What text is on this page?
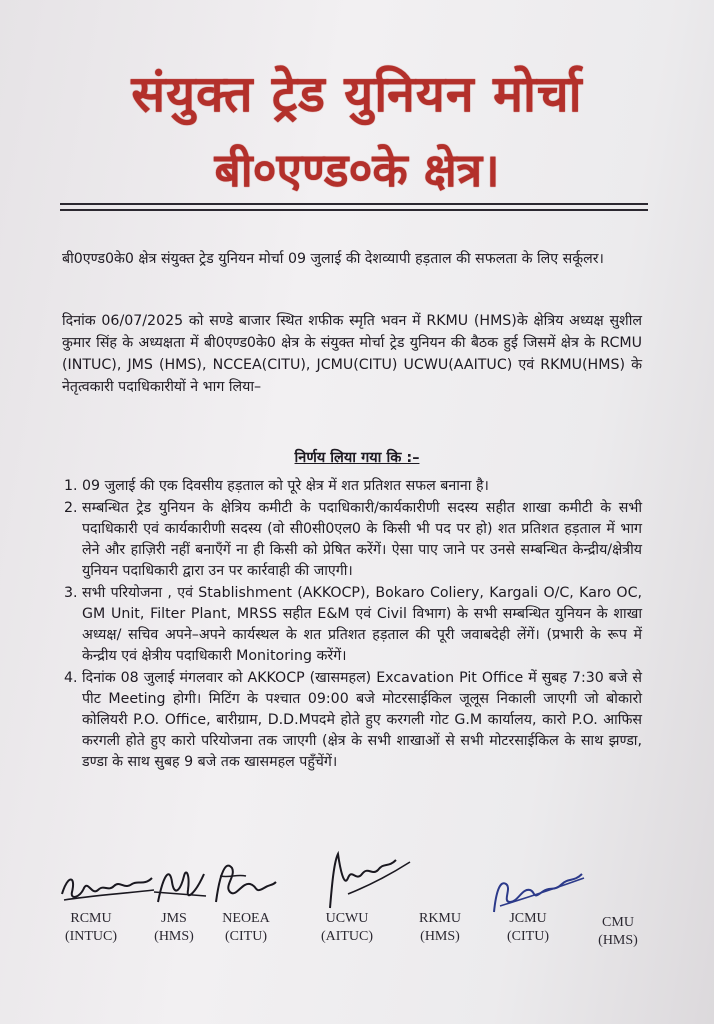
संयुक्त ट्रेड युनियन मोर्चा
बी०एण्ड०के क्षेत्र।
बी0एण्ड0के0 क्षेत्र संयुक्त ट्रेड युनियन मोर्चा 09 जुलाई की देशव्यापी हड़ताल की सफलता के लिए सर्कूलर।
दिनांक 06/07/2025 को सण्डे बाजार स्थित शफीक स्मृति भवन में RKMU (HMS)के क्षेत्रिय अध्यक्ष सुशील कुमार सिंह के अध्यक्षता में बी0एण्ड0के0 क्षेत्र के संयुक्त मोर्चा ट्रेड युनियन की बैठक हुई जिसमें क्षेत्र के RCMU (INTUC), JMS (HMS), NCCEA(CITU), JCMU(CITU) UCWU(AAITUC) एवं RKMU(HMS) के नेतृत्वकारी पदाधिकारीयों ने भाग लिया–
निर्णय लिया गया कि :–
1. 09 जुलाई की एक दिवसीय हड़ताल को पूरे क्षेत्र में शत प्रतिशत सफल बनाना है।
2. सम्बन्धित ट्रेड युनियन के क्षेत्रिय कमीटी के पदाधिकारी/कार्यकारीणी सदस्य सहीत शाखा कमीटी के सभी पदाधिकारी एवं कार्यकारीणी सदस्य (वो सी0सी0एल0 के किसी भी पद पर हो) शत प्रतिशत हड़ताल में भाग लेने और हाज़िरी नहीं बनाएँगें ना ही किसी को प्रेषित करेंगें। ऐसा पाए जाने पर उनसे सम्बन्धित केन्द्रीय/क्षेत्रीय युनियन पदाधिकारी द्वारा उन पर कार्रवाही की जाएगी।
3. सभी परियोजना , एवं Stablishment (AKKOCP), Bokaro Coliery, Kargali O/C, Karo OC, GM Unit, Filter Plant, MRSS सहीत E&M एवं Civil विभाग) के सभी सम्बन्धित युनियन के शाखा अध्यक्ष/ सचिव अपने–अपने कार्यस्थल के शत प्रतिशत हड़ताल की पूरी जवाबदेही लेंगें। (प्रभारी के रूप में केन्द्रीय एवं क्षेत्रीय पदाधिकारी Monitoring करेंगें।
4. दिनांक 08 जुलाई मंगलवार को AKKOCP (खासमहल) Excavation Pit Office में सुबह 7:30 बजे से पीट Meeting होगी। मिटिंग के पश्चात 09:00 बजे मोटरसाईकिल जूलूस निकाली जाएगी जो बोकारो कोलियरी P.O. Office, बारीग्राम, D.D.Mपदमे होते हुए करगली गोट G.M कार्यालय, कारो P.O. आफिस करगली होते हुए कारो परियोजना तक जाएगी (क्षेत्र के सभी शाखाओं से सभी मोटरसाईकिल के साथ झण्डा, डण्डा के साथ सुबह 9 बजे तक खासमहल पहुँचेंगें।
RCMU
(INTUC)
JMS
(HMS)
NEOEA
(CITU)
UCWU
(AITUC)
RKMU
(HMS)
JCMU
(CITU)
CMU
(HMS)
